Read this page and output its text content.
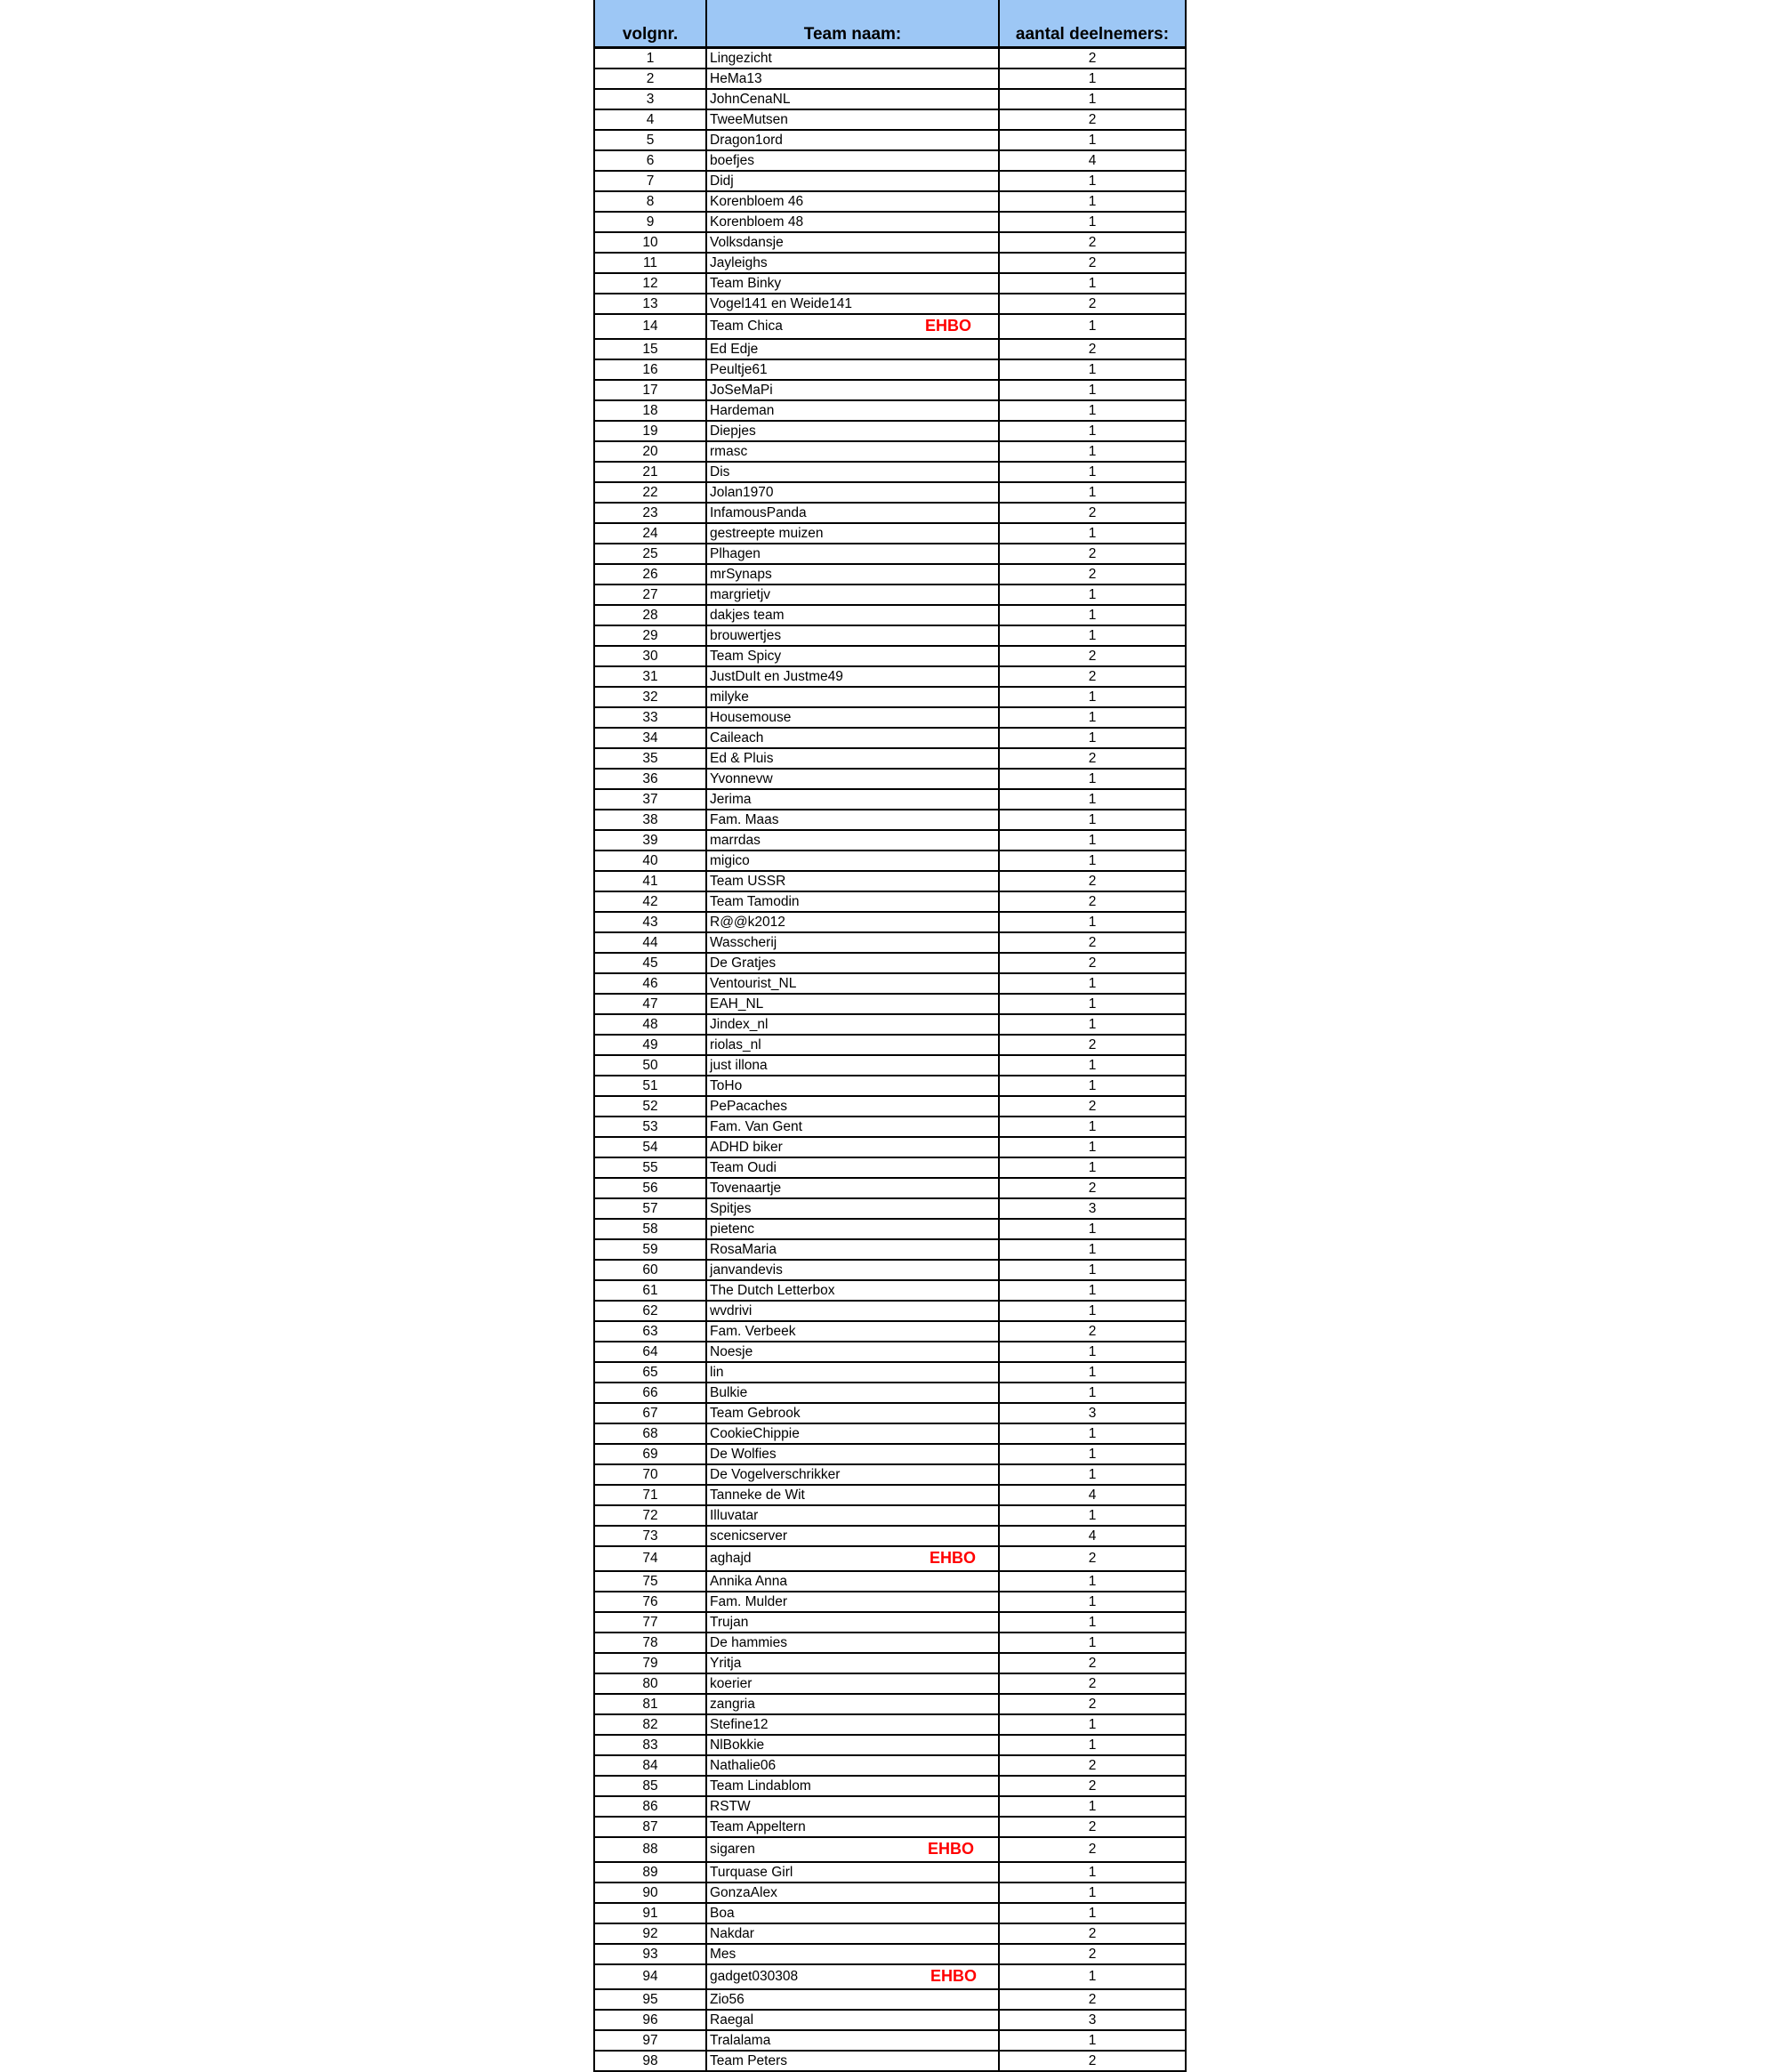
volgnr.	Team naam:	aantal deelnemers:
1	Lingezicht	2
2	HeMa13	1
3	JohnCenaNL	1
4	TweeMutsen	2
5	Dragon1ord	1
6	boefjes	4
7	Didj	1
8	Korenbloem 46	1
9	Korenbloem 48	1
10	Volksdansje	2
11	Jayleighs	2
12	Team Binky	1
13	Vogel141 en Weide141	2
14	Team Chica EHBO	1
15	Ed Edje	2
16	Peultje61	1
17	JoSeMaPi	1
18	Hardeman	1
19	Diepjes	1
20	rmasc	1
21	Dis	1
22	Jolan1970	1
23	InfamousPanda	2
24	gestreepte muizen	1
25	Plhagen	2
26	mrSynaps	2
27	margrietjv	1
28	dakjes team	1
29	brouwertjes	1
30	Team Spicy	2
31	JustDuIt en Justme49	2
32	milyke	1
33	Housemouse	1
34	Caileach	1
35	Ed & Pluis	2
36	Yvonnevw	1
37	Jerima	1
38	Fam. Maas	1
39	marrdas	1
40	migico	1
41	Team USSR	2
42	Team Tamodin	2
43	R@@k2012	1
44	Wasscherij	2
45	De Gratjes	2
46	Ventourist_NL	1
47	EAH_NL	1
48	Jindex_nl	1
49	riolas_nl	2
50	just illona	1
51	ToHo	1
52	PePacaches	2
53	Fam. Van Gent	1
54	ADHD biker	1
55	Team Oudi	1
56	Tovenaartje	2
57	Spitjes	3
58	pietenc	1
59	RosaMaria	1
60	janvandevis	1
61	The Dutch Letterbox	1
62	wvdrivi	1
63	Fam. Verbeek	2
64	Noesje	1
65	lin	1
66	Bulkie	1
67	Team Gebrook	3
68	CookieChippie	1
69	De Wolfies	1
70	De Vogelverschrikker	1
71	Tanneke de Wit	4
72	Illuvatar	1
73	scenicserver	4
74	aghajd EHBO	2
75	Annika Anna	1
76	Fam. Mulder	1
77	Trujan	1
78	De hammies	1
79	Yritja	2
80	koerier	2
81	zangria	2
82	Stefine12	1
83	NlBokkie	1
84	Nathalie06	2
85	Team Lindablom	2
86	RSTW	1
87	Team Appeltern	2
88	sigaren EHBO	2
89	Turquase Girl	1
90	GonzaAlex	1
91	Boa	1
92	Nakdar	2
93	Mes	2
94	gadget030308 EHBO	1
95	Zio56	2
96	Raegal	3
97	Tralalama	1
98	Team Peters	2
